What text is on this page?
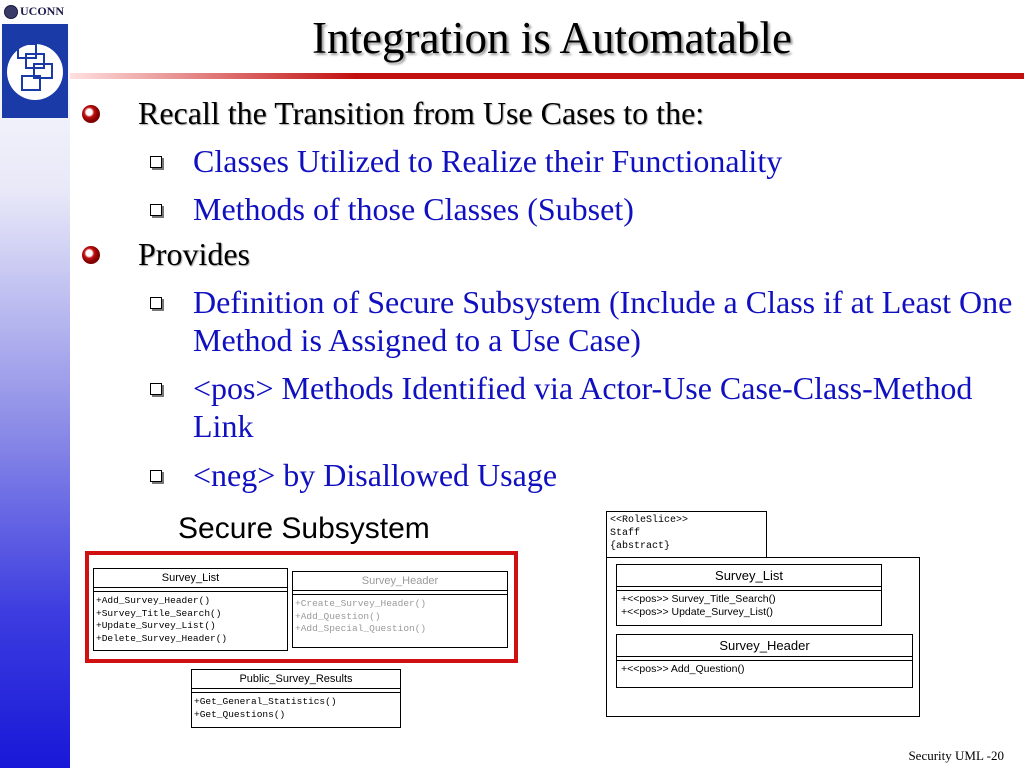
UCONN
Integration is Automatable
Recall the Transition from Use Cases to the:
Classes Utilized to Realize their Functionality
Methods of those Classes (Subset)
Provides
Definition of Secure Subsystem (Include a Class if at Least One Method is Assigned to a Use Case)
<pos> Methods Identified via Actor-Use Case-Class-Method Link
<neg> by Disallowed Usage
Secure Subsystem
Survey_List
+Add_Survey_Header()
+Survey_Title_Search()
+Update_Survey_List()
+Delete_Survey_Header()
Survey_Header
+Create_Survey_Header()
+Add_Question()
+Add_Special_Question()
Public_Survey_Results
+Get_General_Statistics()
+Get_Questions()
<<RoleSlice>>
Staff
{abstract}
Survey_List
+<<pos>> Survey_Title_Search()
+<<pos>> Update_Survey_List()
Survey_Header
+<<pos>> Add_Question()
Security UML -20
